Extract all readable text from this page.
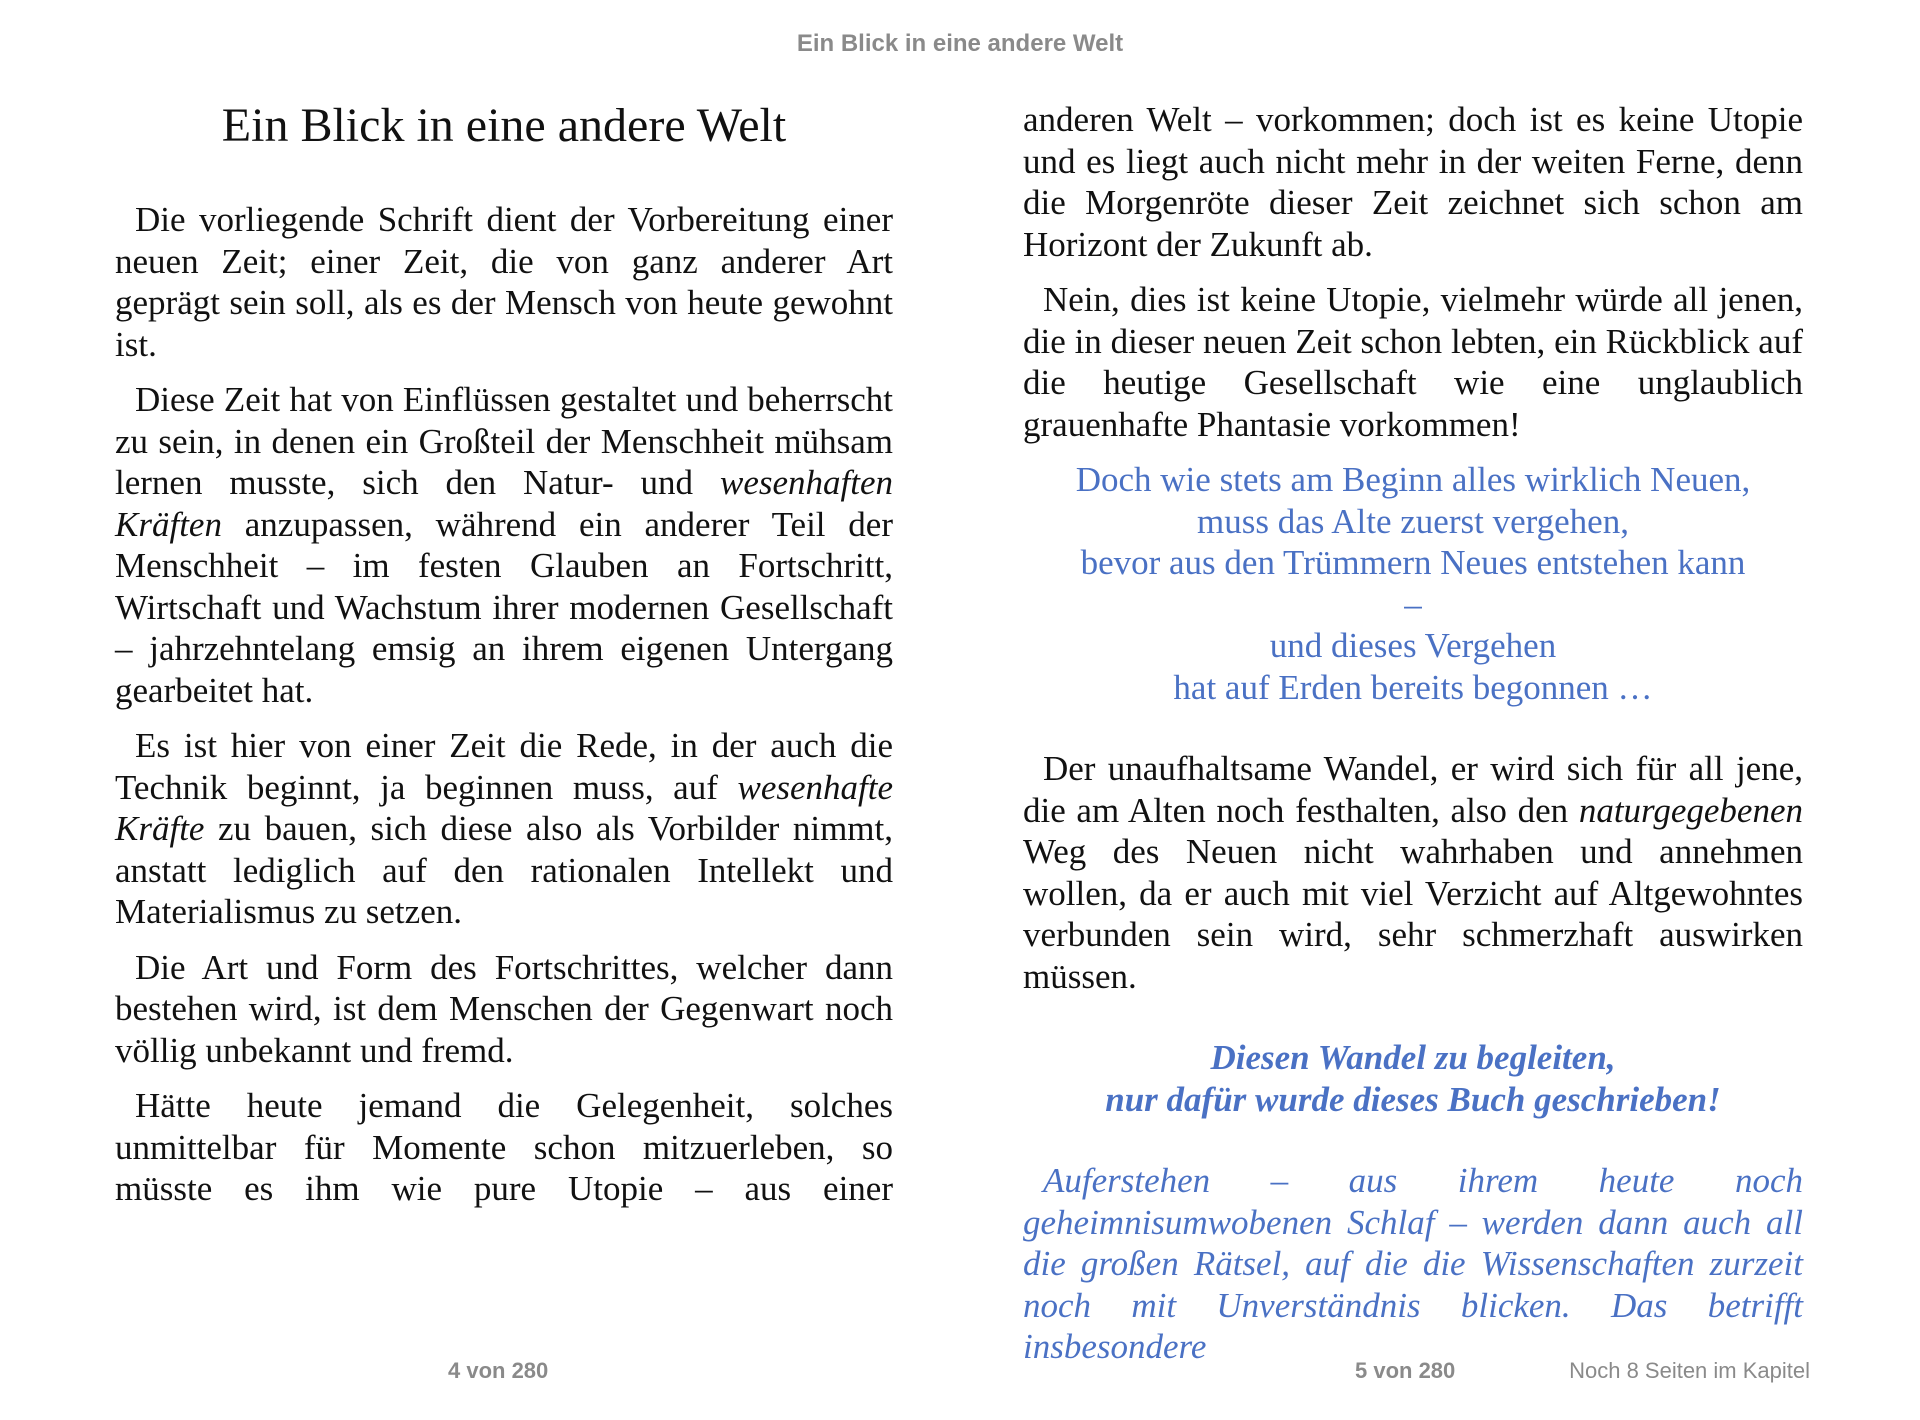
Ein Blick in eine andere Welt
Ein Blick in eine andere Welt

Die vorliegende Schrift dient der Vorbereitung einer neuen Zeit; einer Zeit, die von ganz anderer Art geprägt sein soll, als es der Mensch von heute gewohnt ist.

Diese Zeit hat von Einflüssen gestaltet und beherrscht zu sein, in denen ein Großteil der Menschheit mühsam lernen musste, sich den Natur- und wesenhaften Kräften anzupassen, während ein anderer Teil der Menschheit – im festen Glauben an Fortschritt, Wirtschaft und Wachstum ihrer modernen Gesellschaft – jahrzehntelang emsig an ihrem eigenen Untergang gearbeitet hat.

Es ist hier von einer Zeit die Rede, in der auch die Technik beginnt, ja beginnen muss, auf wesenhafte Kräfte zu bauen, sich diese also als Vorbilder nimmt, anstatt lediglich auf den rationalen Intellekt und Materialismus zu setzen.

Die Art und Form des Fortschrittes, welcher dann bestehen wird, ist dem Menschen der Gegenwart noch völlig unbekannt und fremd.

Hätte heute jemand die Gelegenheit, solches unmittelbar für Momente schon mitzuerleben, so müsste es ihm wie pure Utopie – aus einer

4 von 280

anderen Welt – vorkommen; doch ist es keine Utopie und es liegt auch nicht mehr in der weiten Ferne, denn die Morgenröte dieser Zeit zeichnet sich schon am Horizont der Zukunft ab.

Nein, dies ist keine Utopie, vielmehr würde all jenen, die in dieser neuen Zeit schon lebten, ein Rückblick auf die heutige Gesellschaft wie eine unglaublich grauenhafte Phantasie vorkommen!

Doch wie stets am Beginn alles wirklich Neuen,
muss das Alte zuerst vergehen,
bevor aus den Trümmern Neues entstehen kann
–
und dieses Vergehen
hat auf Erden bereits begonnen …

Der unaufhaltsame Wandel, er wird sich für all jene, die am Alten noch festhalten, also den naturgegebenen Weg des Neuen nicht wahrhaben und annehmen wollen, da er auch mit viel Verzicht auf Altgewohntes verbunden sein wird, sehr schmerzhaft auswirken müssen.

Diesen Wandel zu begleiten,
nur dafür wurde dieses Buch geschrieben!

Auferstehen – aus ihrem heute noch geheimnisumwobenen Schlaf – werden dann auch all die großen Rätsel, auf die die Wissenschaften zurzeit noch mit Unverständnis blicken. Das betrifft insbesondere

5 von 280	Noch 8 Seiten im Kapitel
